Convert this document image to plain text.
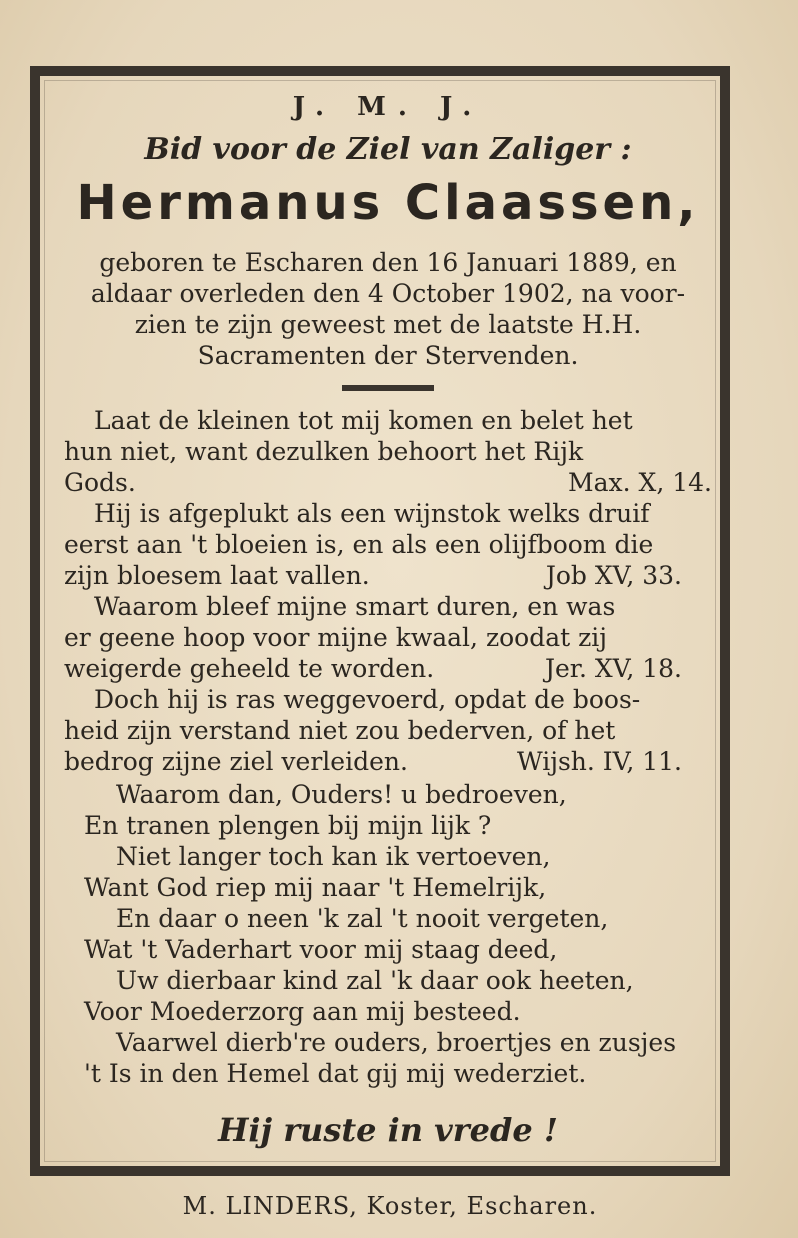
J. M. J.
Bid voor de Ziel van Zaliger :
Hermanus Claassen,
geboren te Escharen den 16 Januari 1889, en
aldaar overleden den 4 October 1902, na voor-
zien te zijn geweest met de laatste H.H.
Sacramenten der Stervenden.
Laat de kleinen tot mij komen en belet het
hun niet, want dezulken behoort het Rijk
Gods.	Max. X, 14.
Hij is afgeplukt als een wijnstok welks druif
eerst aan 't bloeien is, en als een olijfboom die
zijn bloesem laat vallen.	Job XV, 33.
Waarom bleef mijne smart duren, en was
er geene hoop voor mijne kwaal, zoodat zij
weigerde geheeld te worden.	Jer. XV, 18.
Doch hij is ras weggevoerd, opdat de boos-
heid zijn verstand niet zou bederven, of het
bedrog zijne ziel verleiden.	Wijsh. IV, 11.
Waarom dan, Ouders! u bedroeven,
En tranen plengen bij mijn lijk ?
Niet langer toch kan ik vertoeven,
Want God riep mij naar 't Hemelrijk,
En daar o neen 'k zal 't nooit vergeten,
Wat 't Vaderhart voor mij staag deed,
Uw dierbaar kind zal 'k daar ook heeten,
Voor Moederzorg aan mij besteed.
Vaarwel dierb're ouders, broertjes en zusjes
't Is in den Hemel dat gij mij wederziet.
Hij ruste in vrede !
M. LINDERS, Koster, Escharen.
